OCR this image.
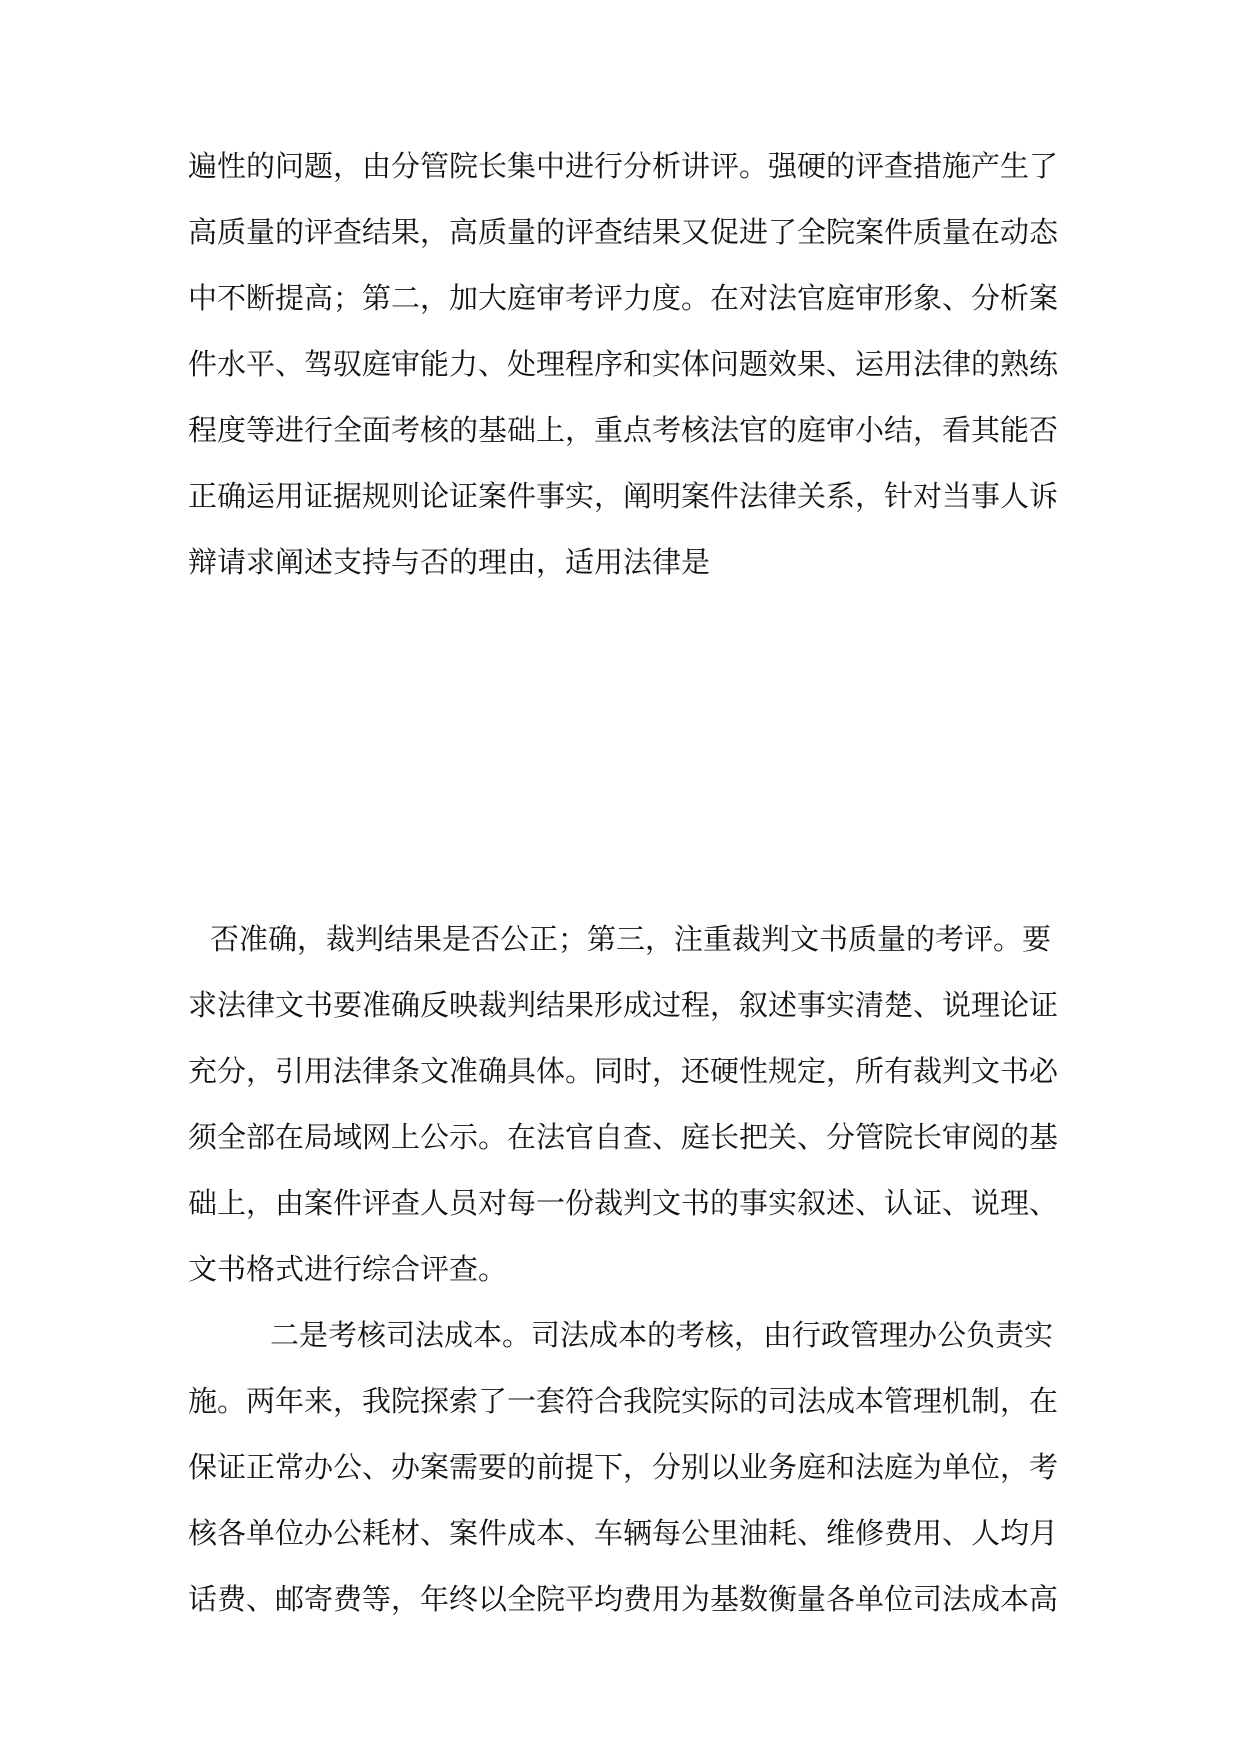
遍性的问题，由分管院长集中进行分析讲评。强硬的评查措施产生了
高质量的评查结果，高质量的评查结果又促进了全院案件质量在动态
中不断提高；第二，加大庭审考评力度。在对法官庭审形象、分析案
件水平、驾驭庭审能力、处理程序和实体问题效果、运用法律的熟练
程度等进行全面考核的基础上，重点考核法官的庭审小结，看其能否
正确运用证据规则论证案件事实，阐明案件法律关系，针对当事人诉
辩请求阐述支持与否的理由，适用法律是
否准确，裁判结果是否公正；第三，注重裁判文书质量的考评。要
求法律文书要准确反映裁判结果形成过程，叙述事实清楚、说理论证
充分，引用法律条文准确具体。同时，还硬性规定，所有裁判文书必
须全部在局域网上公示。在法官自查、庭长把关、分管院长审阅的基
础上，由案件评查人员对每一份裁判文书的事实叙述、认证、说理、
文书格式进行综合评查。
二是考核司法成本。司法成本的考核，由行政管理办公负责实
施。两年来，我院探索了一套符合我院实际的司法成本管理机制，在
保证正常办公、办案需要的前提下，分别以业务庭和法庭为单位，考
核各单位办公耗材、案件成本、车辆每公里油耗、维修费用、人均月
话费、邮寄费等，年终以全院平均费用为基数衡量各单位司法成本高
